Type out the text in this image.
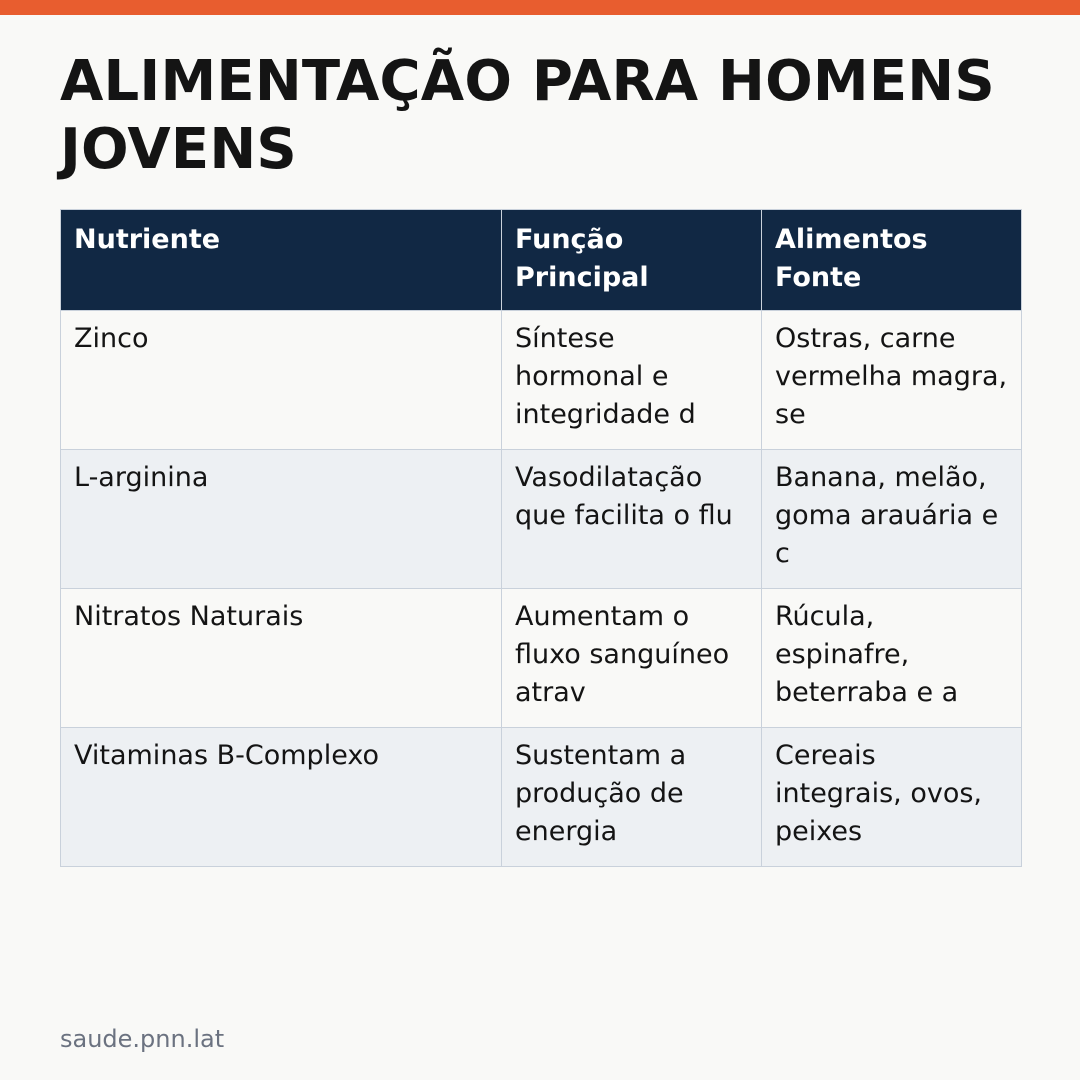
ALIMENTAÇÃO PARA HOMENS JOVENS
Nutriente	Função Principal	Alimentos Fonte
Zinco	Síntese hormonal e integridade d	Ostras, carne vermelha magra, se
L-arginina	Vasodilatação que facilita o flu	Banana, melão, goma arauária e c
Nitratos Naturais	Aumentam o fluxo sanguíneo atrav	Rúcula, espinafre, beterraba e a
Vitaminas B-Complexo	Sustentam a produção de energia	Cereais integrais, ovos, peixes
saude.pnn.lat
